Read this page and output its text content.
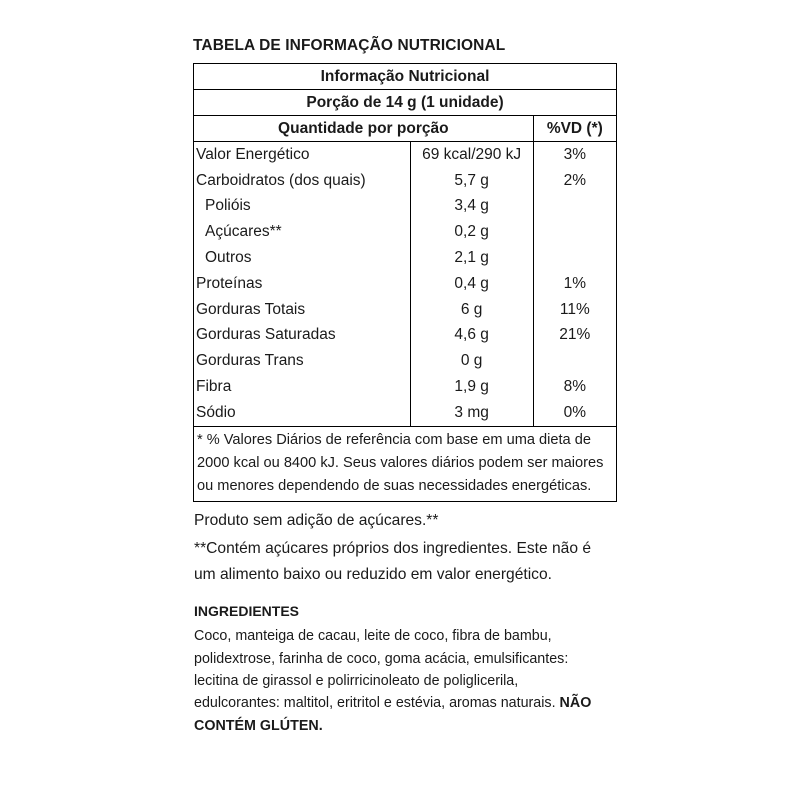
TABELA DE INFORMAÇÃO NUTRICIONAL
Informação Nutricional		
Porção de 14 g (1 unidade)		
Quantidade por porção		%VD (*)
Valor Energético	69 kcal/290 kJ	3%
Carboidratos (dos quais)	5,7 g	2%
Polióis	3,4 g	
Açúcares**	0,2 g	
Outros	2,1 g	
Proteínas	0,4 g	1%
Gorduras Totais	6 g	11%
Gorduras Saturadas	4,6 g	21%
Gorduras Trans	0 g	
Fibra	1,9 g	8%
Sódio	3 mg	0%
* % Valores Diários de referência com base em uma dieta de 2000 kcal ou 8400 kJ. Seus valores diários podem ser maiores ou menores dependendo de suas necessidades energéticas.		
Produto sem adição de açúcares.**
**Contém açúcares próprios dos ingredientes. Este não é um alimento baixo ou reduzido em valor energético.
INGREDIENTES
Coco, manteiga de cacau, leite de coco, fibra de bambu, polidextrose, farinha de coco, goma acácia, emulsificantes: lecitina de girassol e polirricinoleato de poliglicerila, edulcorantes: maltitol, eritritol e estévia, aromas naturais. NÃO CONTÉM GLÚTEN.
